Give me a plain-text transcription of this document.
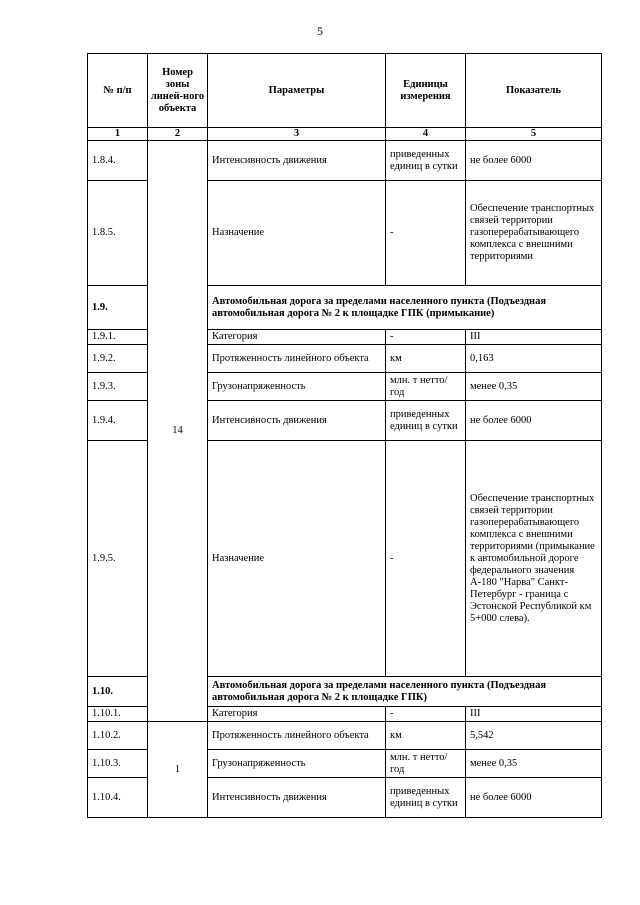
5
№ п/п	Номер зоны линей-ного объекта	Параметры	Единицы измерения	Показатель
1	2	3	4	5
1.8.4.	14	Интенсивность движения	приведенных единиц в сутки	не более 6000
1.8.5.		Назначение	-	Обеспечение транспортных связей территории газоперерабатывающего комплекса с внешними территориями
1.9.		Автомобильная дорога за пределами населенного пункта (Подъездная автомобильная дорога № 2 к площадке ГПК (примыкание)		
1.9.1.		Категория	-	III
1.9.2.		Протяженность линейного объекта	км	0,163
1.9.3.		Грузонапряженность	млн. т нетто/год	менее 0,35
1.9.4.		Интенсивность движения	приведенных единиц в сутки	не более 6000
1.9.5.		Назначение	-	Обеспечение транспортных связей территории газоперерабатывающего комплекса с внешними территориями (примыкание к автомобильной дороге федерального значения А-180 "Нарва" Санкт-Петербург - граница с Эстонской Республикой км 5+000 слева).
1.10.		Автомобильная дорога за пределами населенного пункта (Подъездная автомобильная дорога № 2 к площадке ГПК)		
1.10.1.		Категория	-	III
1.10.2.	1	Протяженность линейного объекта	км	5,542
1.10.3.		Грузонапряженность	млн. т нетто/год	менее 0,35
1.10.4.		Интенсивность движения	приведенных единиц в сутки	не более 6000
